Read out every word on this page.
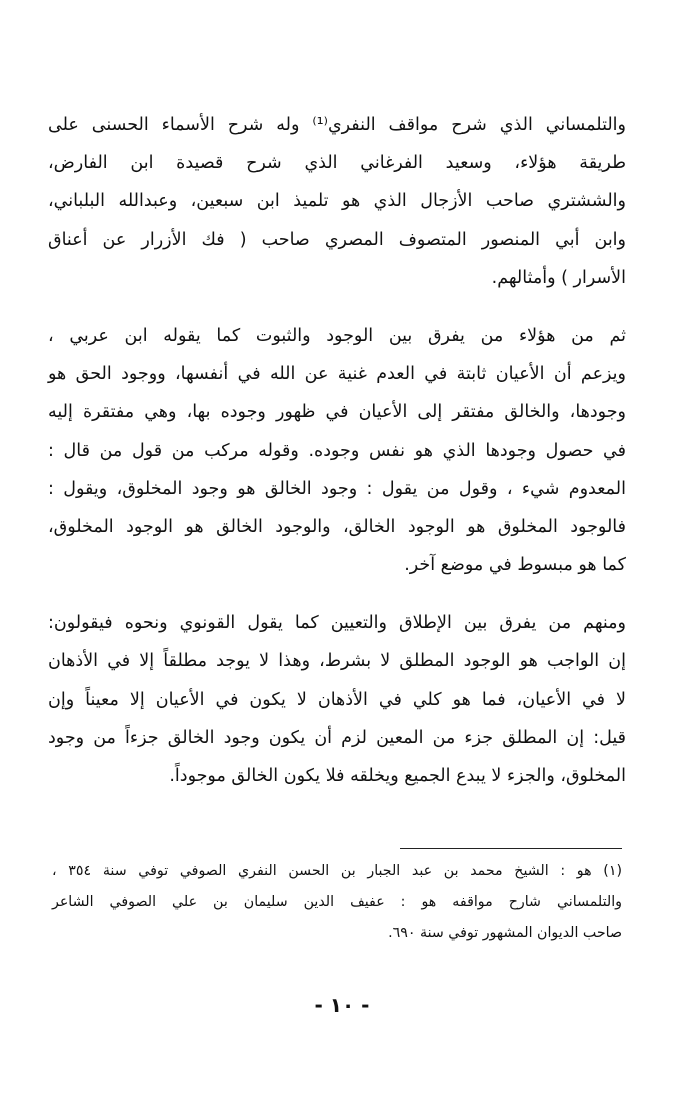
والتلمساني الذي شرح مواقف النفري⁽¹⁾ وله شرح الأسماء الحسنى على
طريقة هؤلاء، وسعيد الفرغاني الذي شرح قصيدة ابن الفارض،
والششتري صاحب الأزجال الذي هو تلميذ ابن سبعين، وعبدالله البلباني،
وابن أبي المنصور المتصوف المصري صاحب ( فك الأزرار عن أعناق
الأسرار ) وأمثالهم.

ثم من هؤلاء من يفرق بين الوجود والثبوت كما يقوله ابن عربي ،
ويزعم أن الأعيان ثابتة في العدم غنية عن الله في أنفسها، ووجود الحق هو
وجودها، والخالق مفتقر إلى الأعيان في ظهور وجوده بها، وهي مفتقرة إليه
في حصول وجودها الذي هو نفس وجوده. وقوله مركب من قول من قال :
المعدوم شيء ، وقول من يقول : وجود الخالق هو وجود المخلوق، ويقول :
فالوجود المخلوق هو الوجود الخالق، والوجود الخالق هو الوجود المخلوق،
كما هو مبسوط في موضع آخر.

ومنهم من يفرق بين الإطلاق والتعيين كما يقول القونوي ونحوه فيقولون:
إن الواجب هو الوجود المطلق لا بشرط، وهذا لا يوجد مطلقاً إلا في الأذهان
لا في الأعيان، فما هو كلي في الأذهان لا يكون في الأعيان إلا معيناً وإن
قيل: إن المطلق جزء من المعين لزم أن يكون وجود الخالق جزءاً من وجود
المخلوق، والجزء لا يبدع الجميع ويخلقه فلا يكون الخالق موجوداً.

(١) هو : الشيخ محمد بن عبد الجبار بن الحسن النفري الصوفي توفي سنة ٣٥٤ ،
والتلمساني شارح مواقفه هو : عفيف الدين سليمان بن علي الصوفي الشاعر
صاحب الديوان المشهور توفي سنة ٦٩٠.
- ١٠ -
